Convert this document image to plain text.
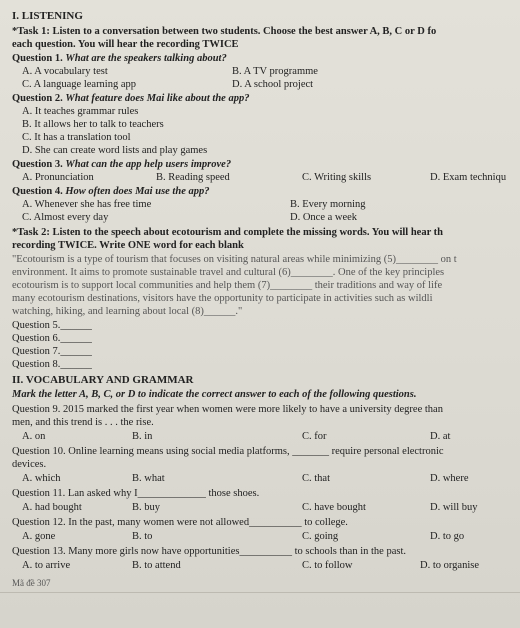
I. LISTENING
*Task 1: Listen to a conversation between two students. Choose the best answer A, B, C or D fo
each question. You will hear the recording TWICE
Question 1. What are the speakers talking about?
A. A vocabulary test	B. A TV programme
C. A language learning app	D. A school project
Question 2. What feature does Mai like about the app?
A. It teaches grammar rules
B. It allows her to talk to teachers
C. It has a translation tool
D. She can create word lists and play games
Question 3. What can the app help users improve?
A. Pronunciation	B. Reading speed	C. Writing skills	D. Exam techniqu
Question 4. How often does Mai use the app?
A. Whenever she has free time	B. Every morning
C. Almost every day	D. Once a week
*Task 2: Listen to the speech about ecotourism and complete the missing words. You will hear th
recording TWICE. Write ONE word for each blank
"Ecotourism is a type of tourism that focuses on visiting natural areas while minimizing (5)________ on t
environment. It aims to promote sustainable travel and cultural (6)________. One of the key principles
ecotourism is to support local communities and help them (7)________ their traditions and way of life
many ecotourism destinations, visitors have the opportunity to participate in activities such as wildli
watching, hiking, and learning about local (8)______."
Question 5.______
Question 6.______
Question 7.______
Question 8.______
II. VOCABULARY AND GRAMMAR
Mark the letter A, B, C, or D to indicate the correct answer to each of the following questions.
Question 9. 2015 marked the first year when women were more likely to have a university degree than
men, and this trend is . . . the rise.
A. on	B. in	C. for	D. at
Question 10. Online learning means using social media platforms, _______ require personal electronic
devices.
A. which	B. what	C. that	D. where
Question 11. Lan asked why I_____________ those shoes.
A. had bought	B. buy	C. have bought	D. will buy
Question 12. In the past, many women were not allowed__________ to college.
A. gone	B. to	C. going	D. to go
Question 13. Many more girls now have opportunities__________ to schools than in the past.
A. to arrive	B. to attend	C. to follow	D. to organise
Mã đề 307
